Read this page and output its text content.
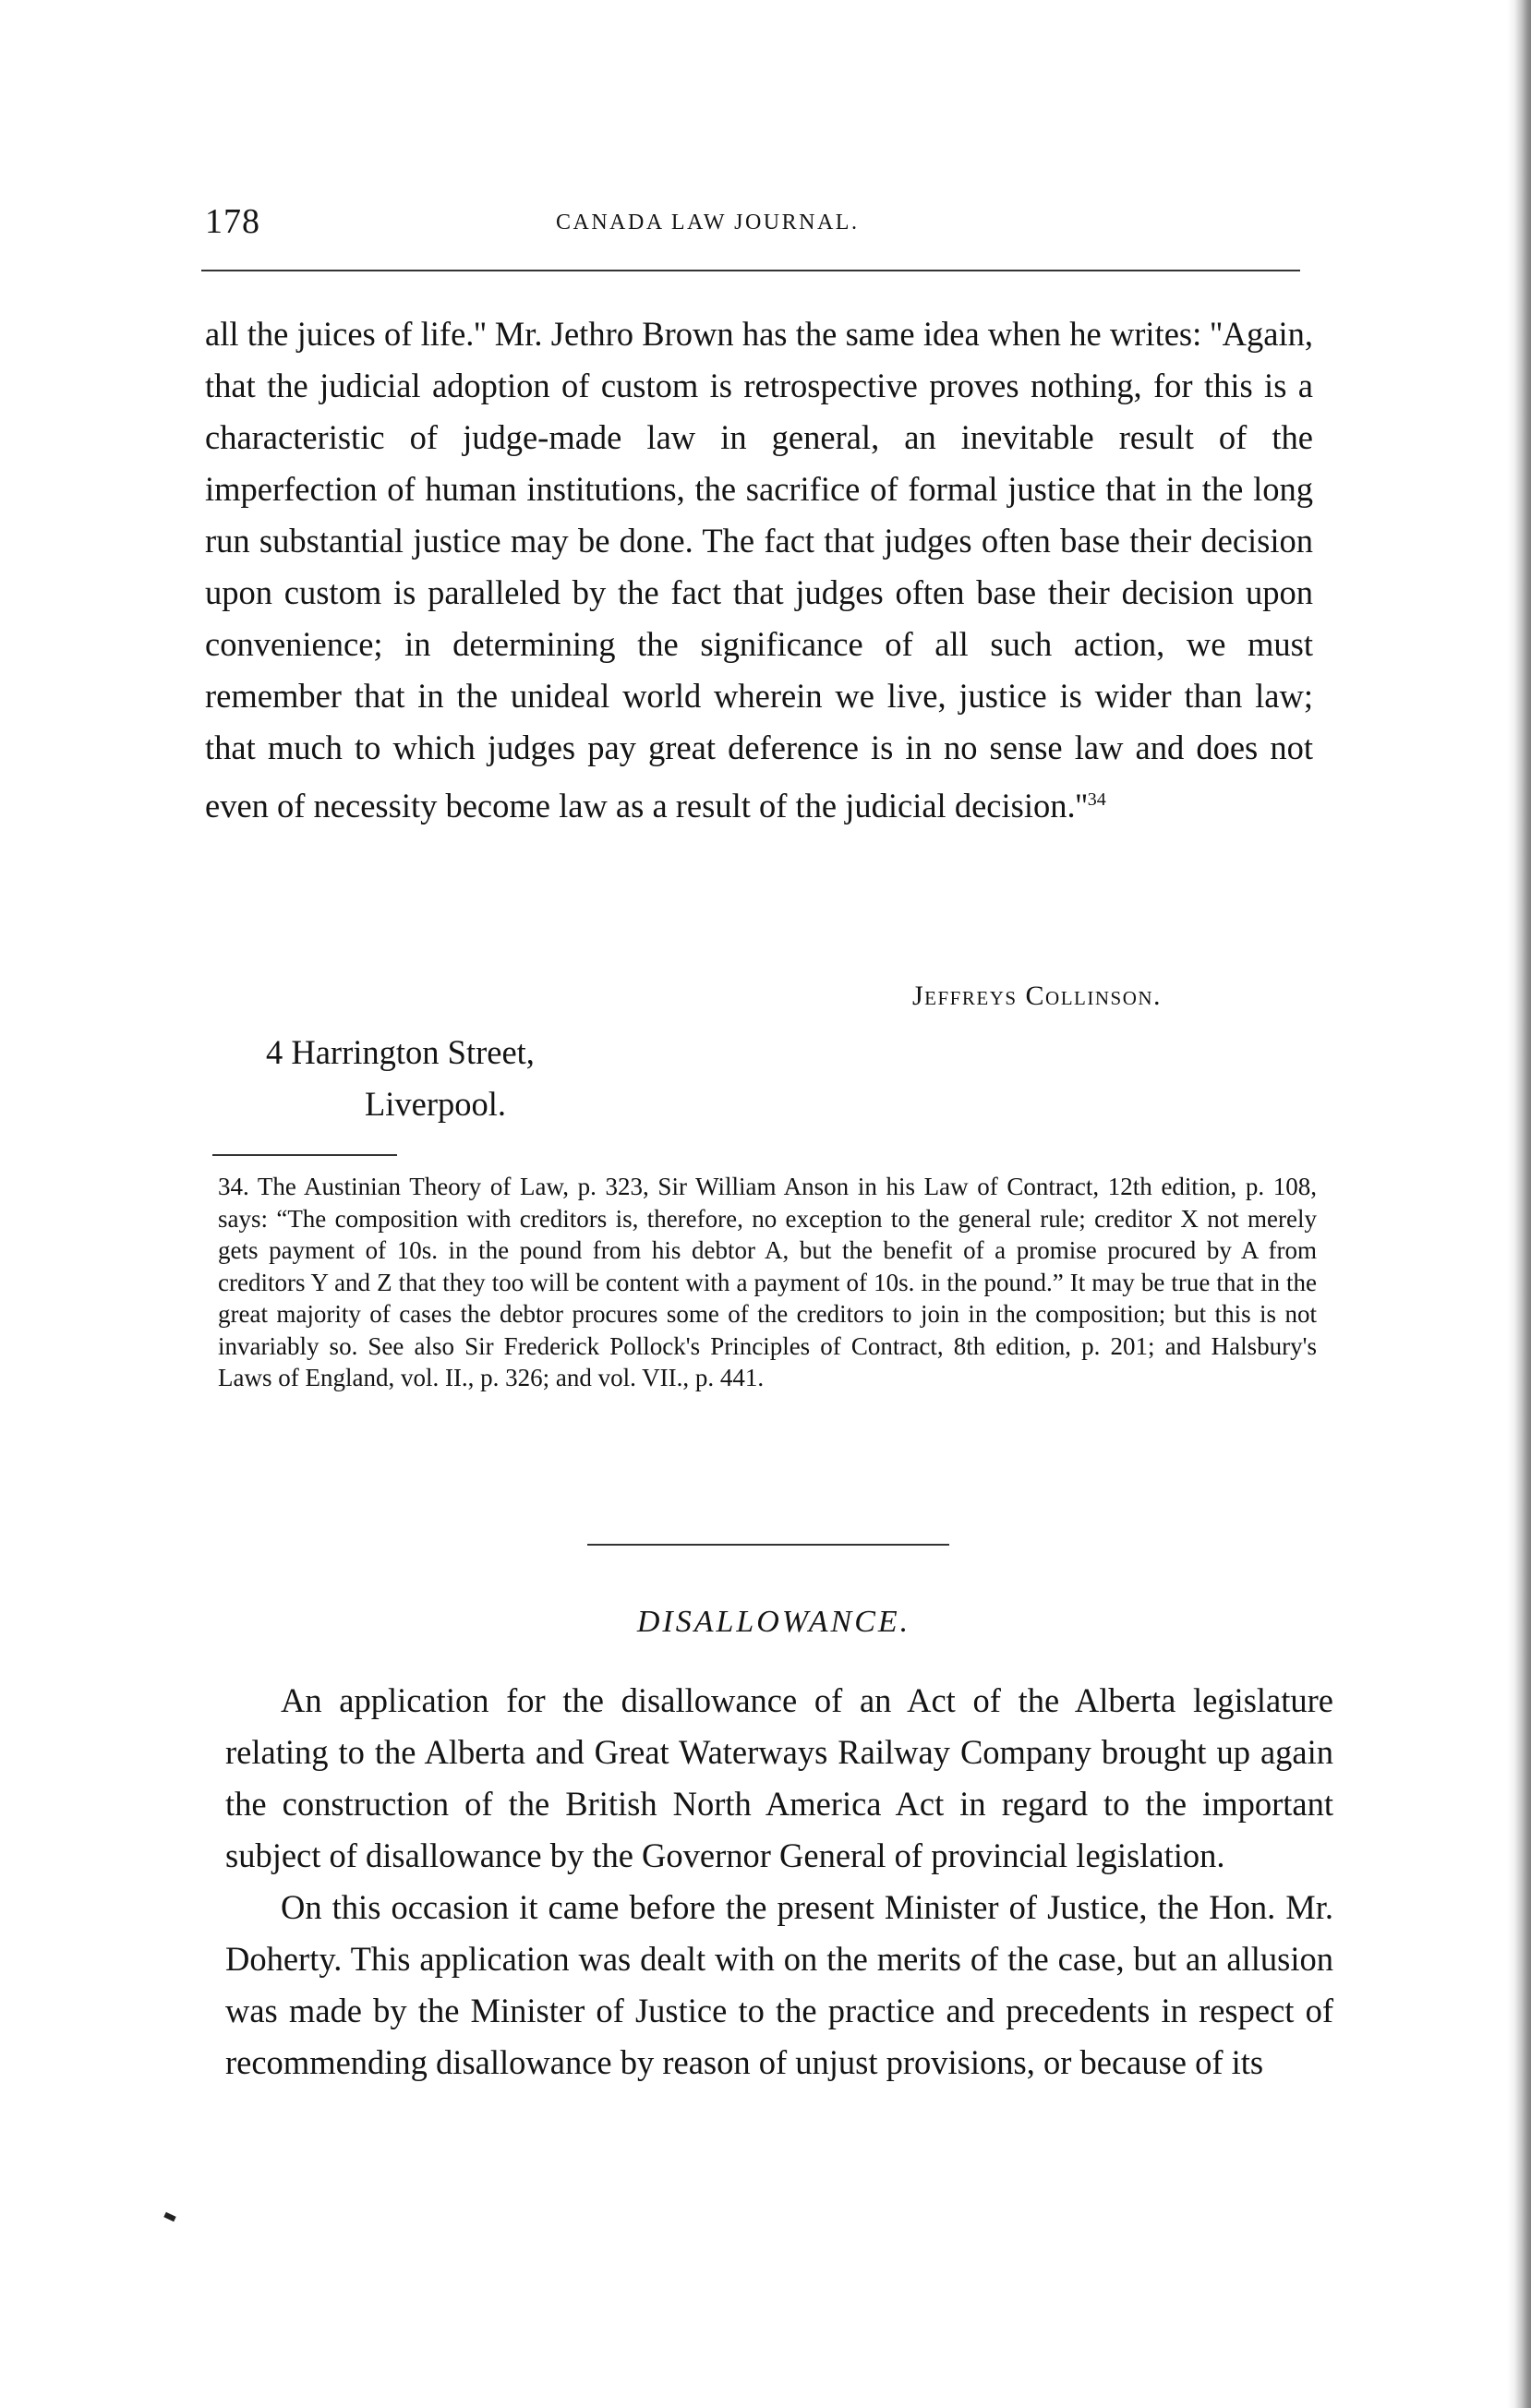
178	CANADA LAW JOURNAL.

all the juices of life.'' Mr. Jethro Brown has the same idea when he writes: ''Again, that the judicial adoption of custom is retrospective proves nothing, for this is a characteristic of judge-made law in general, an inevitable result of the imperfection of human institutions, the sacrifice of formal justice that in the long run substantial justice may be done. The fact that judges often base their decision upon custom is paralleled by the fact that judges often base their decision upon convenience; in determining the significance of all such action, we must remember that in the unideal world wherein we live, justice is wider than law; that much to which judges pay great deference is in no sense law and does not even of necessity become law as a result of the judicial $decision.''^{34}$

Jeffreys Collinson.
4 Harrington Street,
Liverpool.
34. The Austinian Theory of Law, p. 323, Sir William Anson in his Law of Contract, 12th edition, p. 108, says: “The composition with creditors is, therefore, no exception to the general rule; creditor X not merely gets payment of 10s. in the pound from his debtor A, but the benefit of a promise procured by A from creditors Y and Z that they too will be content with a payment of 10s. in the pound.” It may be true that in the great majority of cases the debtor procures some of the creditors to join in the composition; but this is not invariably so. See also Sir Frederick Pollock's Principles of Contract, 8th edition, p. 201; and Halsbury's Laws of England, vol. II., p. 326; and vol. VII., p. 441.
DISALLOWANCE.

An application for the disallowance of an Act of the Alberta legislature relating to the Alberta and Great Waterways Railway Company brought up again the construction of the British North America Act in regard to the important subject of disallowance by the Governor General of provincial legislation.

On this occasion it came before the present Minister of Justice, the Hon. Mr. Doherty. This application was dealt with on the merits of the case, but an allusion was made by the Minister of Justice to the practice and precedents in respect of recommending disallowance by reason of unjust provisions, or because of its
